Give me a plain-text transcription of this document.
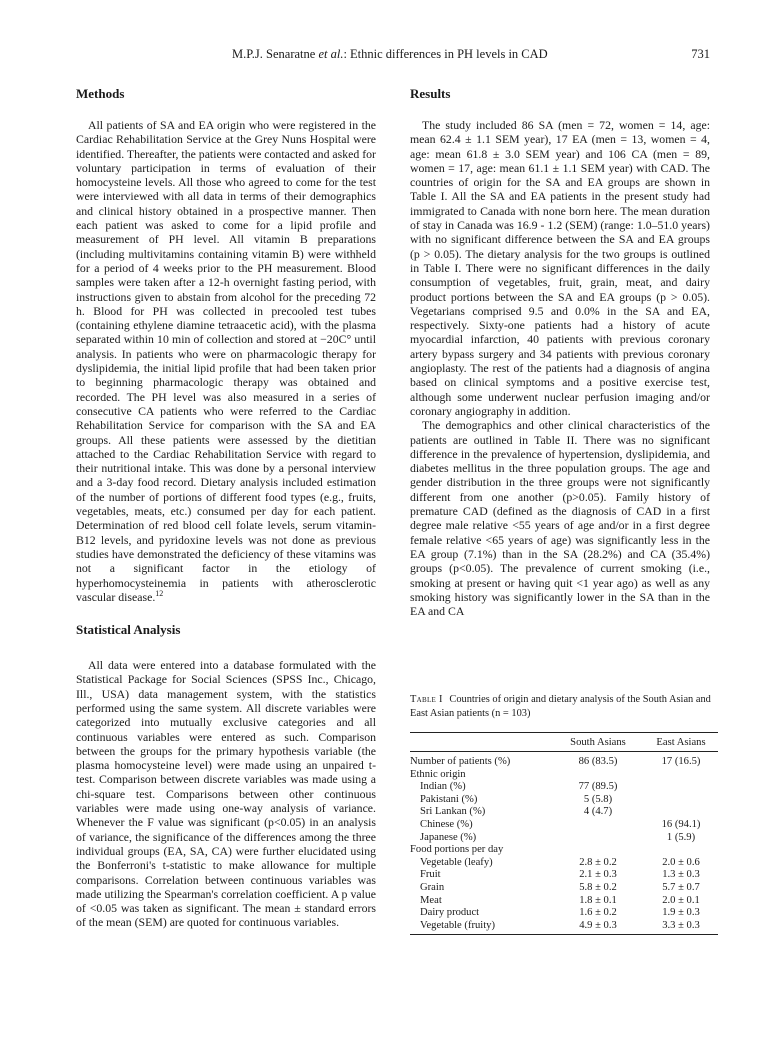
M.P.J. Senaratne et al.: Ethnic differences in PH levels in CAD	731
Methods

All patients of SA and EA origin who were registered in the Cardiac Rehabilitation Service at the Grey Nuns Hospital were identified. Thereafter, the patients were contacted and asked for voluntary participation in terms of evaluation of their homocysteine levels. All those who agreed to come for the test were interviewed with all data in terms of their demographics and clinical history obtained in a prospective manner. Then each patient was asked to come for a lipid profile and measurement of PH level. All vitamin B preparations (including multivitamins containing vitamin B) were withheld for a period of 4 weeks prior to the PH measurement. Blood samples were taken after a 12-h overnight fasting period, with instructions given to abstain from alcohol for the preceding 72 h. Blood for PH was collected in precooled test tubes (containing ethylene diamine tetraacetic acid), with the plasma separated within 10 min of collection and stored at −20C° until analysis. In patients who were on pharmacologic therapy for dyslipidemia, the initial lipid profile that had been taken prior to beginning pharmacologic therapy was obtained and recorded. The PH level was also measured in a series of consecutive CA patients who were referred to the Cardiac Rehabilitation Service for comparison with the SA and EA groups. All these patients were assessed by the dietitian attached to the Cardiac Rehabilitation Service with regard to their nutritional intake. This was done by a personal interview and a 3-day food record. Dietary analysis included estimation of the number of portions of different food types (e.g., fruits, vegetables, meats, etc.) consumed per day for each patient. Determination of red blood cell folate levels, serum vitamin-B12 levels, and pyridoxine levels was not done as previous studies have demonstrated the deficiency of these vitamins was not a significant factor in the etiology of hyperhomocysteinemia in patients with atherosclerotic vascular disease.$^{12}$

Statistical Analysis

All data were entered into a database formulated with the Statistical Package for Social Sciences (SPSS Inc., Chicago, Ill., USA) data management system, with the statistics performed using the same system. All discrete variables were categorized into mutually exclusive categories and all continuous variables were entered as such. Comparison between the groups for the primary hypothesis variable (the plasma homocysteine level) were made using an unpaired t-test. Comparison between discrete variables was made using a chi-square test. Comparisons between other continuous variables were made using one-way analysis of variance. Whenever the F value was significant (p<0.05) in an analysis of variance, the significance of the differences among the three individual groups (EA, SA, CA) were further elucidated using the Bonferroni's t-statistic to make allowance for multiple comparisons. Correlation between continuous variables was made utilizing the Spearman's correlation coefficient. A p value of <0.05 was taken as significant. The mean ± standard errors of the mean (SEM) are quoted for continuous variables.

Results

The study included 86 SA (men = 72, women = 14, age: mean 62.4 ± 1.1 SEM year), 17 EA (men = 13, women = 4, age: mean 61.8 ± 3.0 SEM year) and 106 CA (men = 89, women = 17, age: mean 61.1 ± 1.1 SEM year) with CAD. The countries of origin for the SA and EA groups are shown in Table I. All the SA and EA patients in the present study had immigrated to Canada with none born here. The mean duration of stay in Canada was 16.9 - 1.2 (SEM) (range: 1.0–51.0 years) with no significant difference between the SA and EA groups (p > 0.05). The dietary analysis for the two groups is outlined in Table I. There were no significant differences in the daily consumption of vegetables, fruit, grain, meat, and dairy product portions between the SA and EA groups (p > 0.05). Vegetarians comprised 9.5 and 0.0% in the SA and EA, respectively. Sixty-one patients had a history of acute myocardial infarction, 40 patients with previous coronary artery bypass surgery and 34 patients with previous coronary angioplasty. The rest of the patients had a diagnosis of angina based on clinical symptoms and a positive exercise test, although some underwent nuclear perfusion imaging and/or coronary angiography in addition.

The demographics and other clinical characteristics of the patients are outlined in Table II. There was no significant difference in the prevalence of hypertension, dyslipidemia, and diabetes mellitus in the three population groups. The age and gender distribution in the three groups were not significantly different from one another (p>0.05). Family history of premature CAD (defined as the diagnosis of CAD in a first degree male relative <55 years of age and/or in a first degree female relative <65 years of age) was significantly less in the EA group (7.1%) than in the SA (28.2%) and CA (35.4%) groups (p<0.05). The prevalence of current smoking (i.e., smoking at present or having quit <1 year ago) as well as any smoking history was significantly lower in the SA than in the EA and CA

Table I Countries of origin and dietary analysis of the South Asian and East Asian patients (n = 103)
	South Asians	East Asians
Number of patients (%)	86 (83.5)	17 (16.5)
Ethnic origin		
Indian (%)	77 (89.5)	
Pakistani (%)	5 (5.8)	
Sri Lankan (%)	4 (4.7)	
Chinese (%)		16 (94.1)
Japanese (%)		1 (5.9)
Food portions per day		
Vegetable (leafy)	2.8 ± 0.2	2.0 ± 0.6
Fruit	2.1 ± 0.3	1.3 ± 0.3
Grain	5.8 ± 0.2	5.7 ± 0.7
Meat	1.8 ± 0.1	2.0 ± 0.1
Dairy product	1.6 ± 0.2	1.9 ± 0.3
Vegetable (fruity)	4.9 ± 0.3	3.3 ± 0.3
